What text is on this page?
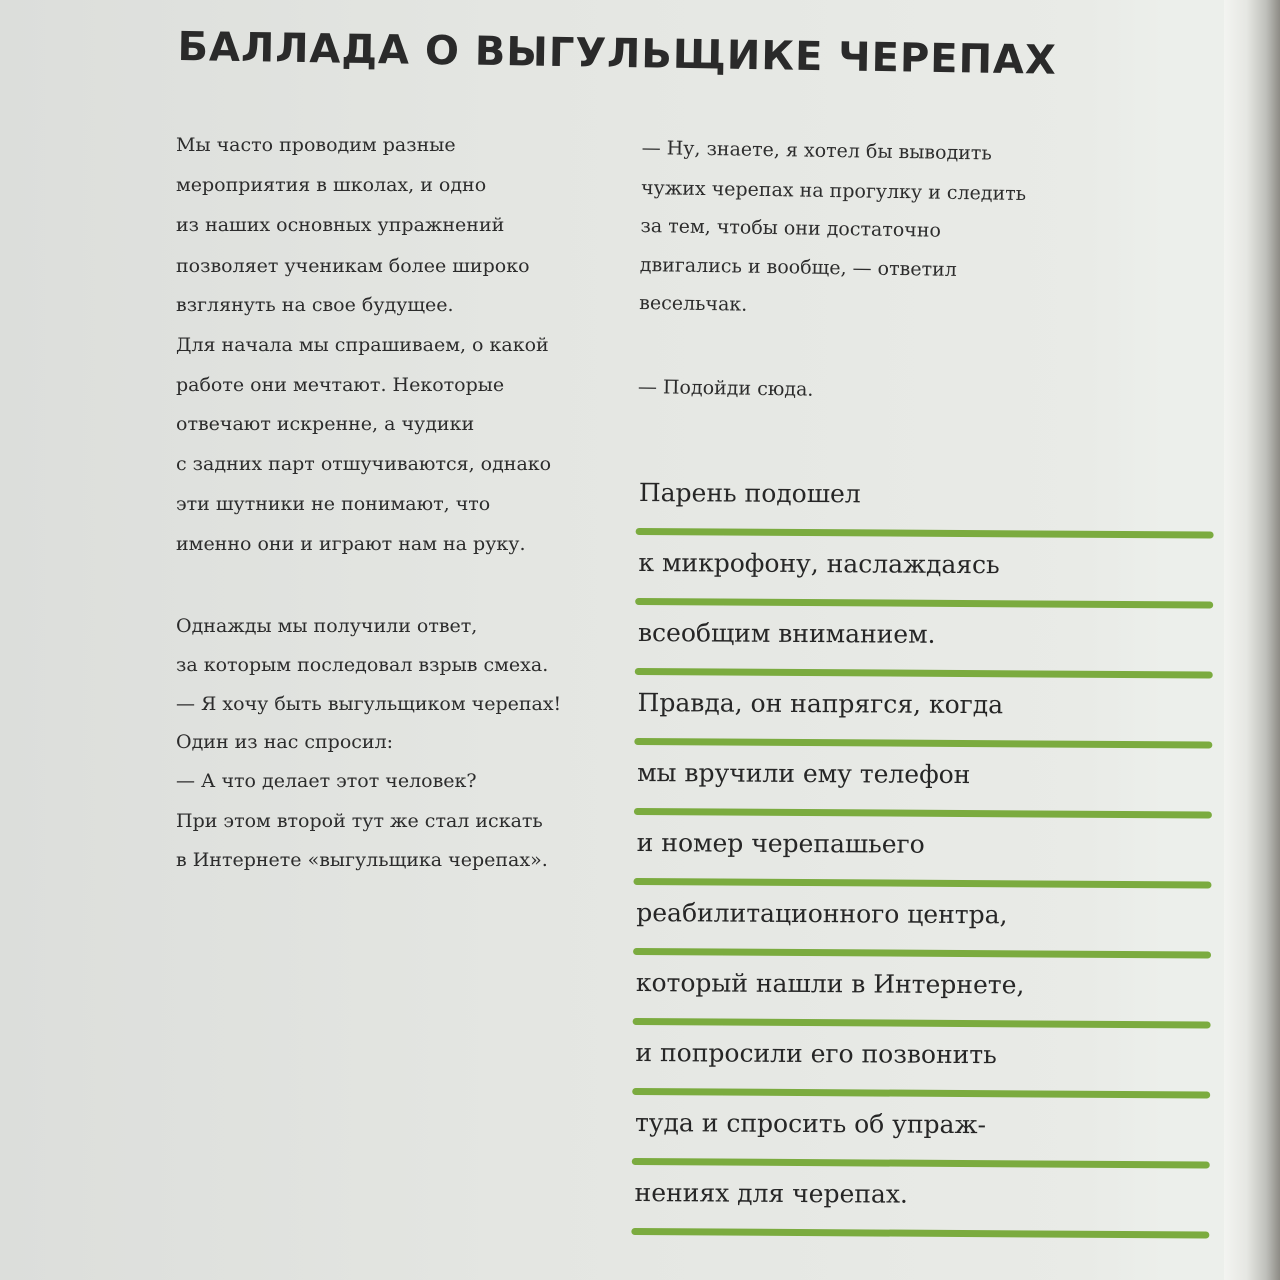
БАЛЛАДА О ВЫГУЛЬЩИКЕ ЧЕРЕПАХ
Мы часто проводим разные
мероприятия в школах, и одно
из наших основных упражнений
позволяет ученикам более широко
взглянуть на свое будущее.
Для начала мы спрашиваем, о какой
работе они мечтают. Некоторые
отвечают искренне, а чудики
с задних парт отшучиваются, однако
эти шутники не понимают, что
именно они и играют нам на руку.
Однажды мы получили ответ,
за которым последовал взрыв смеха.
— Я хочу быть выгульщиком черепах!
Один из нас спросил:
— А что делает этот человек?
При этом второй тут же стал искать
в Интернете «выгульщика черепах».
— Ну, знаете, я хотел бы выводить
чужих черепах на прогулку и следить
за тем, чтобы они достаточно
двигались и вообще, — ответил
весельчак.
— Подойди сюда.
Парень подошел
к микрофону, наслаждаясь
всеобщим вниманием.
Правда, он напрягся, когда
мы вручили ему телефон
и номер черепашьего
реабилитационного центра,
который нашли в Интернете,
и попросили его позвонить
туда и спросить об упраж-
нениях для черепах.
